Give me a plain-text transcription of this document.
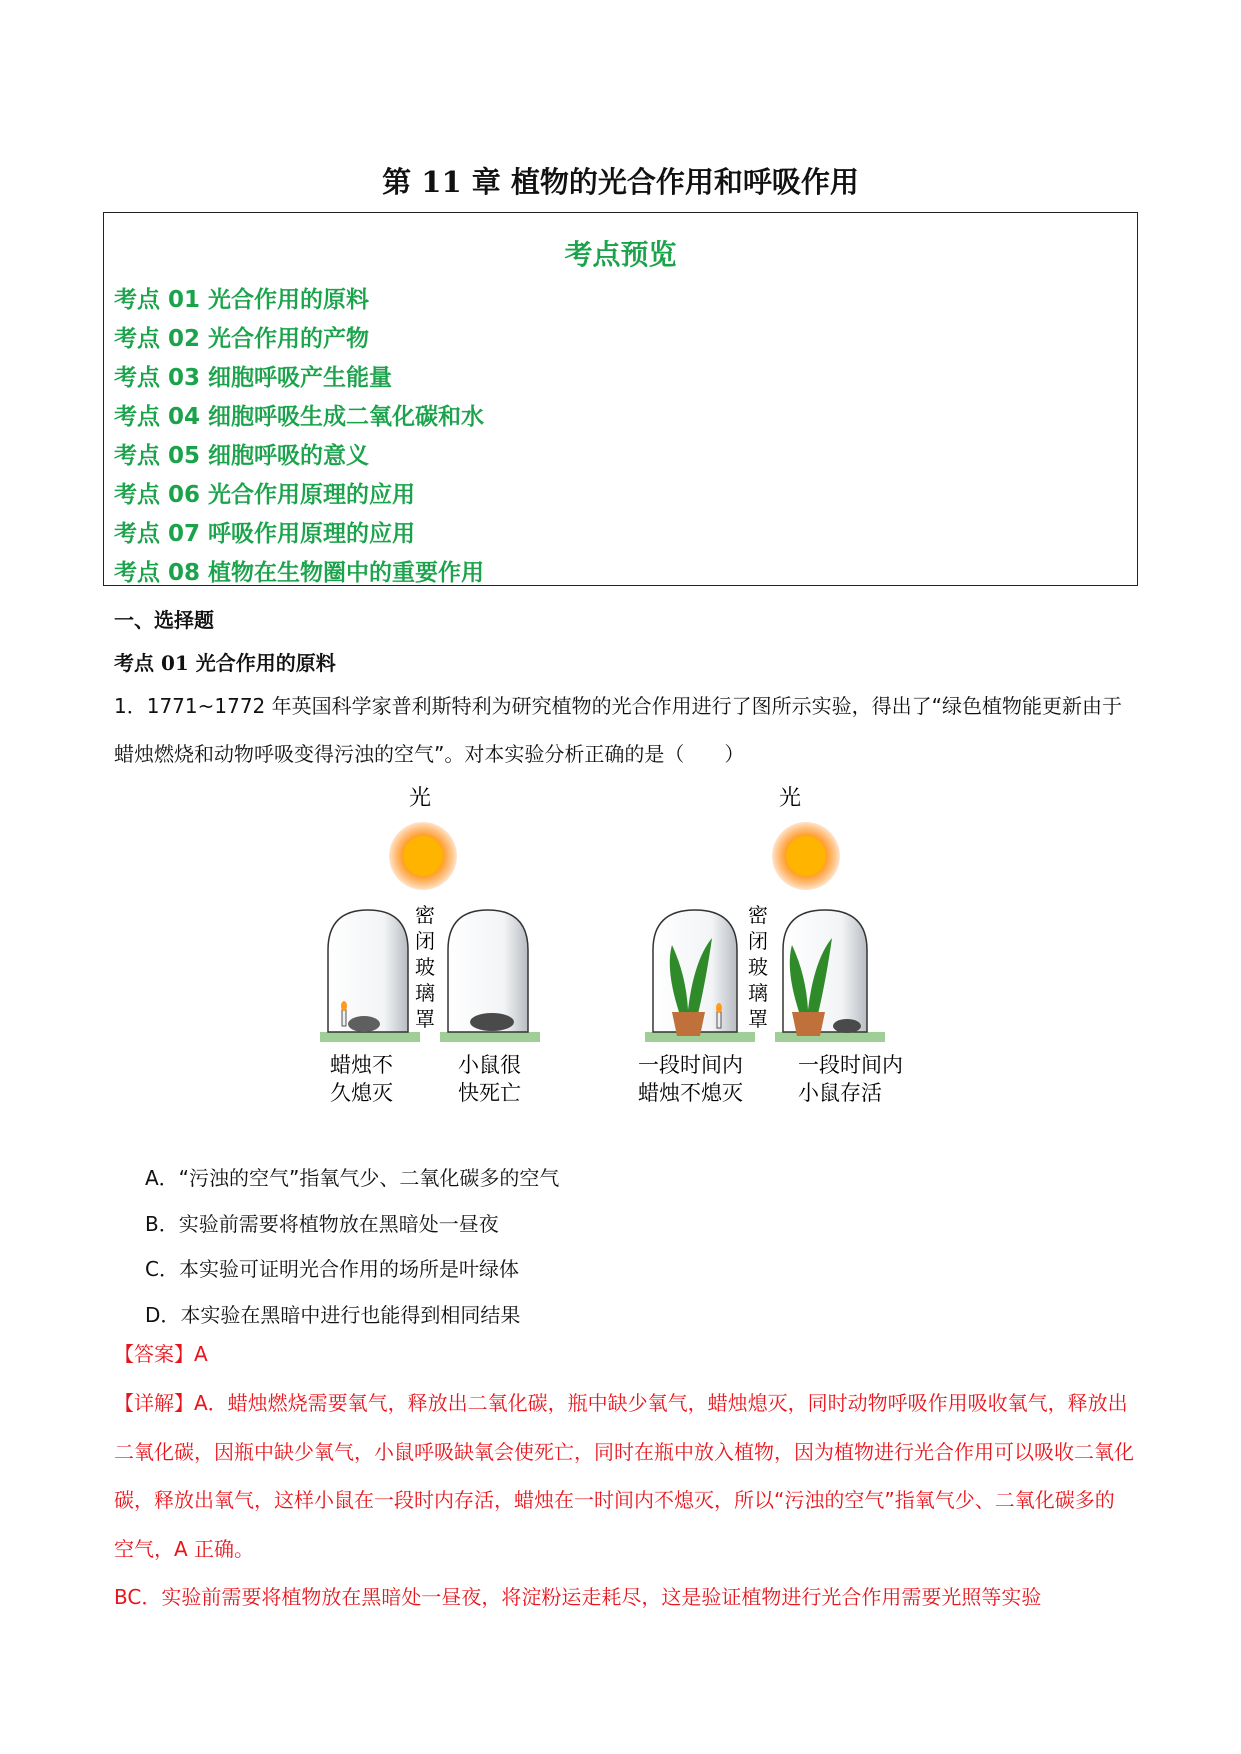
第 11 章 植物的光合作用和呼吸作用
考点预览
考点 01 光合作用的原料
考点 02 光合作用的产物
考点 03 细胞呼吸产生能量
考点 04 细胞呼吸生成二氧化碳和水
考点 05 细胞呼吸的意义
考点 06 光合作用原理的应用
考点 07 呼吸作用原理的应用
考点 08 植物在生物圈中的重要作用
一、选择题
考点 01 光合作用的原料
1．1771~1772 年英国科学家普利斯特利为研究植物的光合作用进行了图所示实验，得出了“绿色植物能更新由于蜡烛燃烧和动物呼吸变得污浊的空气”。对本实验分析正确的是（　　）
光
密
闭
玻
璃
罩
蜡烛不
久熄灭
小鼠很
快死亡
光
密
闭
玻
璃
罩
一段时间内
蜡烛不熄灭
一段时间内
小鼠存活
A．“污浊的空气”指氧气少、二氧化碳多的空气
B．实验前需要将植物放在黑暗处一昼夜
C．本实验可证明光合作用的场所是叶绿体
D．本实验在黑暗中进行也能得到相同结果
【答案】A
【详解】A．蜡烛燃烧需要氧气，释放出二氧化碳，瓶中缺少氧气，蜡烛熄灭，同时动物呼吸作用吸收氧气，释放出二氧化碳，因瓶中缺少氧气，小鼠呼吸缺氧会使死亡，同时在瓶中放入植物，因为植物进行光合作用可以吸收二氧化碳，释放出氧气，这样小鼠在一段时内存活，蜡烛在一时间内不熄灭，所以“污浊的空气”指氧气少、二氧化碳多的空气，A 正确。
BC．实验前需要将植物放在黑暗处一昼夜，将淀粉运走耗尽，这是验证植物进行光合作用需要光照等实验
